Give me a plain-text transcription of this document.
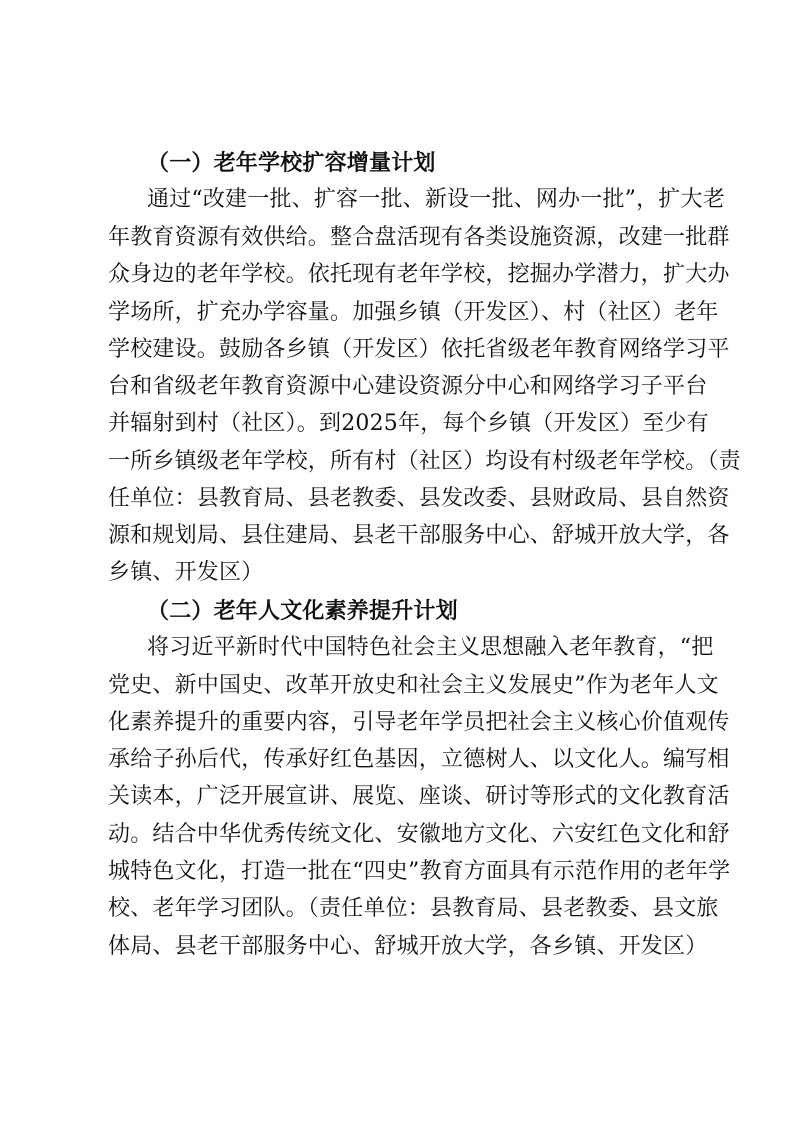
（一）老年学校扩容增量计划
通过“改建一批、扩容一批、新设一批、网办一批”，扩大老
年教育资源有效供给。整合盘活现有各类设施资源，改建一批群
众身边的老年学校。依托现有老年学校，挖掘办学潜力，扩大办
学场所，扩充办学容量。加强乡镇（开发区）、村（社区）老年
学校建设。鼓励各乡镇（开发区）依托省级老年教育网络学习平
台和省级老年教育资源中心建设资源分中心和网络学习子平台
并辐射到村（社区）。到2025年，每个乡镇（开发区）至少有
一所乡镇级老年学校，所有村（社区）均设有村级老年学校。（责
任单位：县教育局、县老教委、县发改委、县财政局、县自然资
源和规划局、县住建局、县老干部服务中心、舒城开放大学，各
乡镇、开发区）
（二）老年人文化素养提升计划
将习近平新时代中国特色社会主义思想融入老年教育，“把
党史、新中国史、改革开放史和社会主义发展史”作为老年人文
化素养提升的重要内容，引导老年学员把社会主义核心价值观传
承给子孙后代，传承好红色基因，立德树人、以文化人。编写相
关读本，广泛开展宣讲、展览、座谈、研讨等形式的文化教育活
动。结合中华优秀传统文化、安徽地方文化、六安红色文化和舒
城特色文化，打造一批在“四史”教育方面具有示范作用的老年学
校、老年学习团队。（责任单位：县教育局、县老教委、县文旅
体局、县老干部服务中心、舒城开放大学，各乡镇、开发区）
